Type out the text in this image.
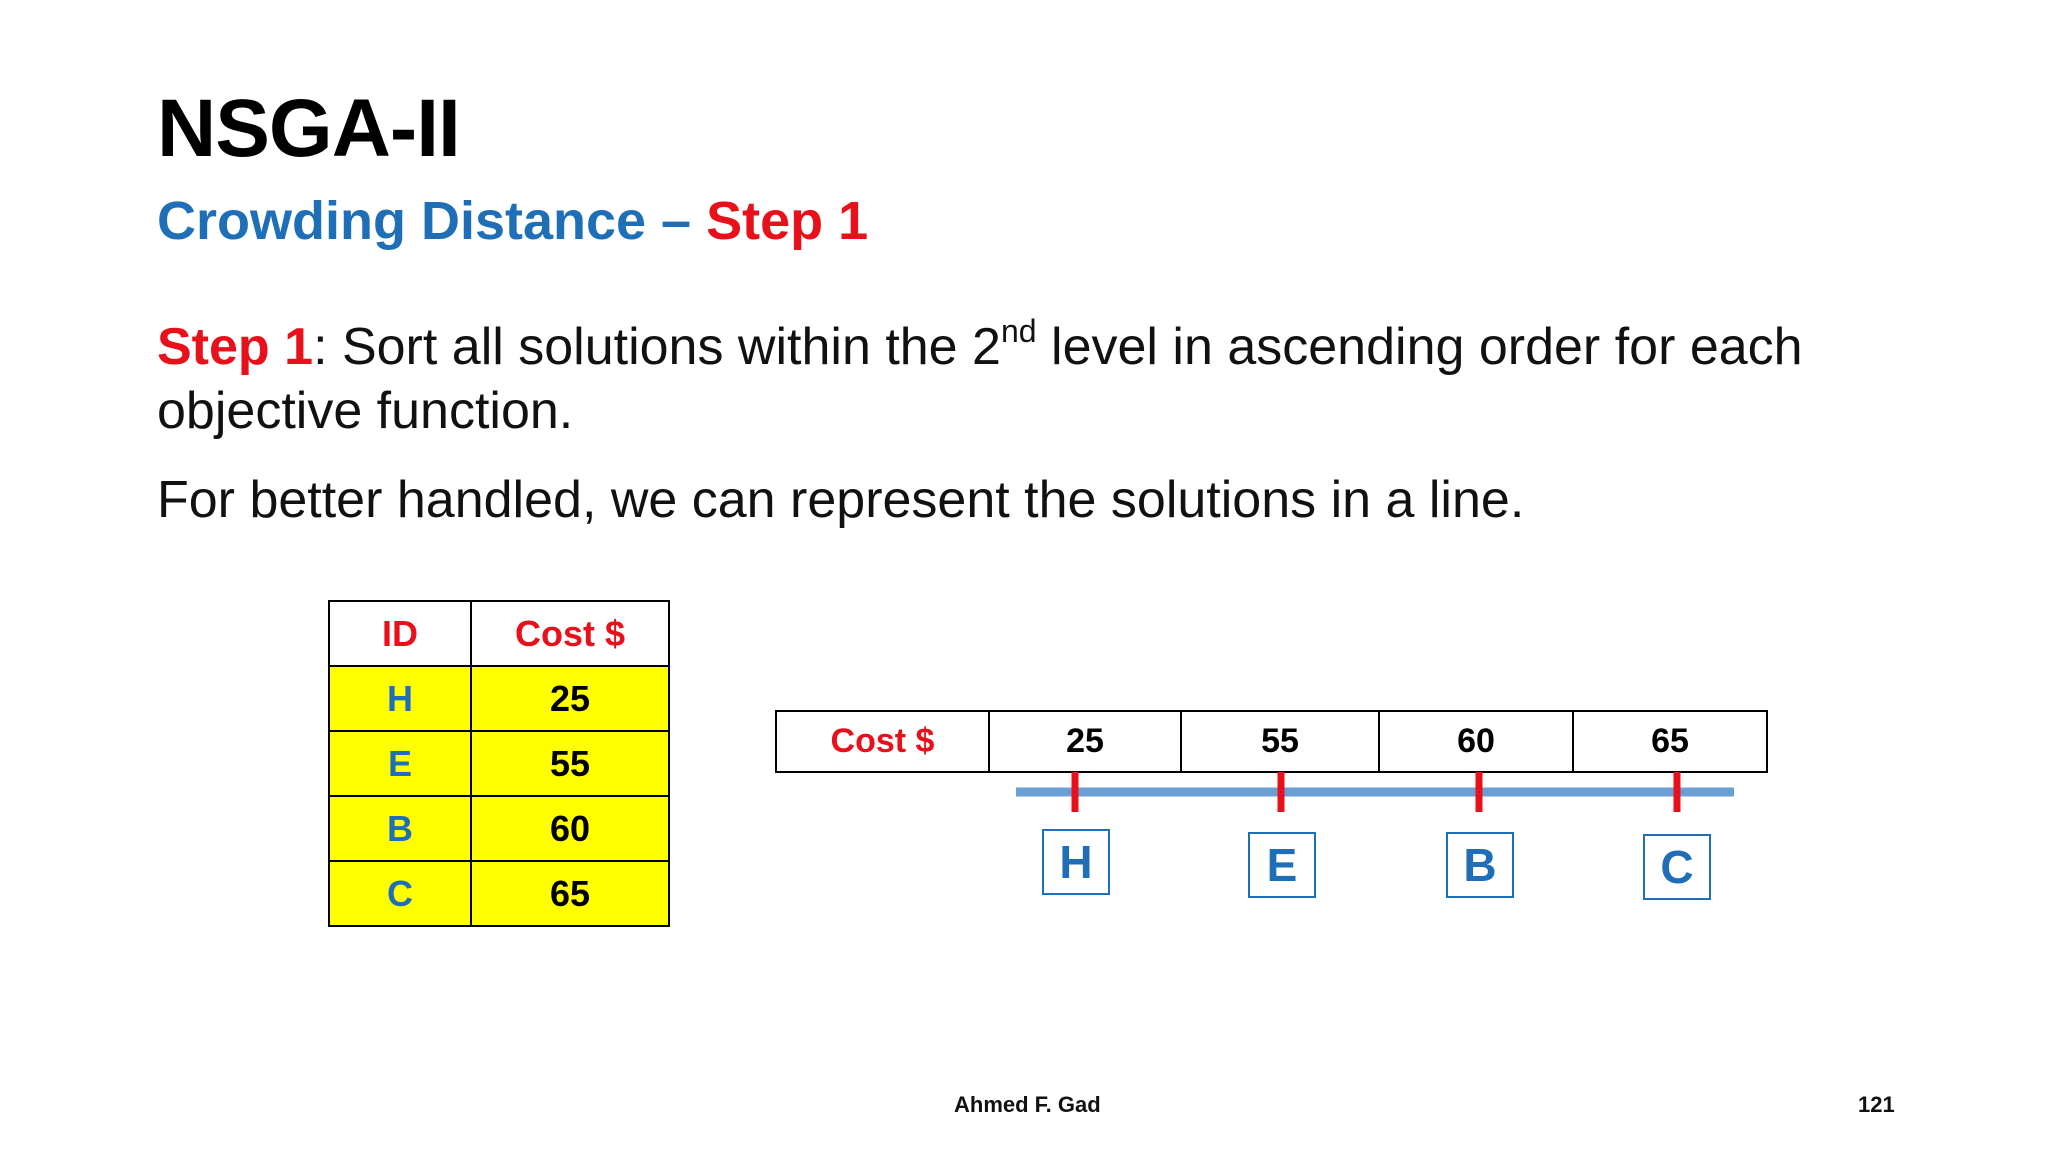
NSGA-II
Crowding Distance – Step 1
Step 1: Sort all solutions within the 2nd level in ascending order for each objective function.
For better handled, we can represent the solutions in a line.
ID	Cost $
H	25
E	55
B	60
C	65
Cost $	25	55	60	65
H	E	B	C
Ahmed F. Gad	121
